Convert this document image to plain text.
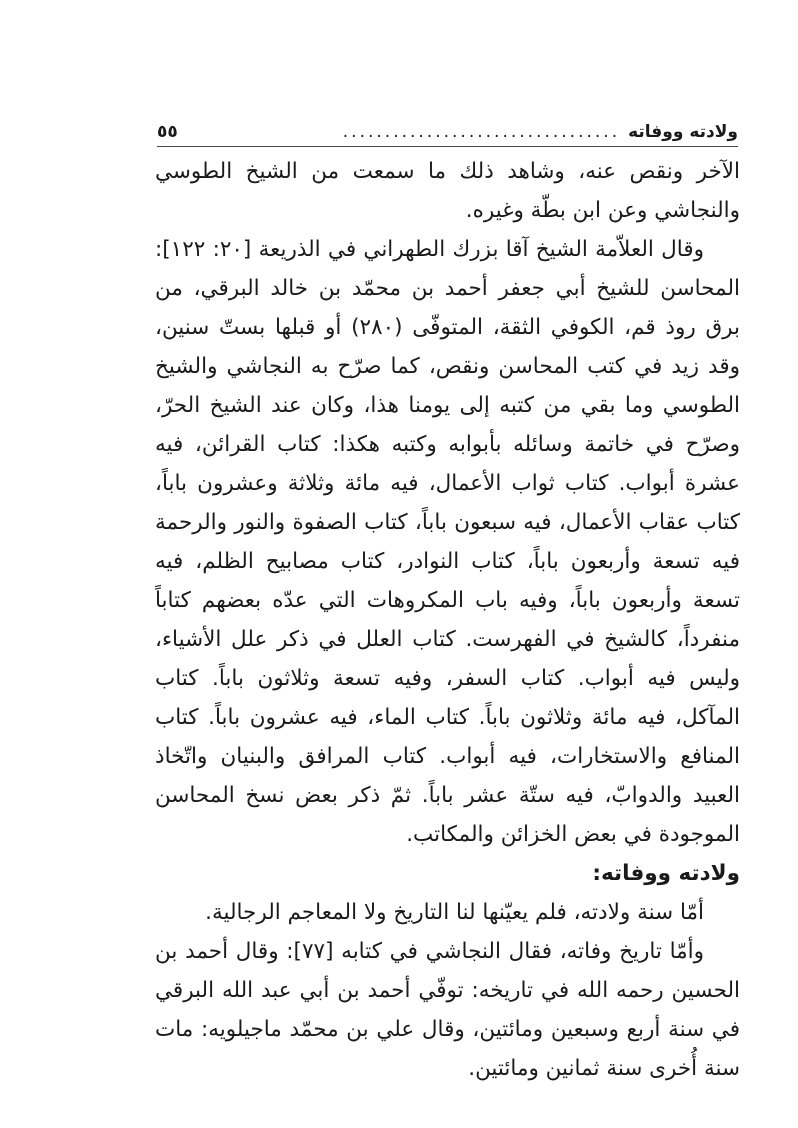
ولادته ووفاته
.................................
٥٥

الآخر ونقص عنه، وشاهد ذلك ما سمعت من الشيخ الطوسي والنجاشي وعن ابن بطّة وغيره.

وقال العلاّمة الشيخ آقا بزرك الطهراني في الذريعة [٢٠: ١٢٢]: المحاسن للشيخ أبي جعفر أحمد بن محمّد بن خالد البرقي، من برق روذ قم، الكوفي الثقة، المتوفّى (٢٨٠) أو قبلها بستّ سنين، وقد زيد في كتب المحاسن ونقص، كما صرّح به النجاشي والشيخ الطوسي وما بقي من كتبه إلى يومنا هذا، وكان عند الشيخ الحرّ، وصرّح في خاتمة وسائله بأبوابه وكتبه هكذا: كتاب القرائن، فيه عشرة أبواب. كتاب ثواب الأعمال، فيه مائة وثلاثة وعشرون باباً، كتاب عقاب الأعمال، فيه سبعون باباً، كتاب الصفوة والنور والرحمة فيه تسعة وأربعون باباً، كتاب النوادر، كتاب مصابيح الظلم، فيه تسعة وأربعون باباً، وفيه باب المكروهات التي عدّه بعضهم كتاباً منفرداً، كالشيخ في الفهرست. كتاب العلل في ذكر علل الأشياء، وليس فيه أبواب. كتاب السفر، وفيه تسعة وثلاثون باباً. كتاب المآكل، فيه مائة وثلاثون باباً. كتاب الماء، فيه عشرون باباً. كتاب المنافع والاستخارات، فيه أبواب. كتاب المرافق والبنيان واتّخاذ العبيد والدوابّ، فيه ستّة عشر باباً. ثمّ ذكر بعض نسخ المحاسن الموجودة في بعض الخزائن والمكاتب.

ولادته ووفاته:

أمّا سنة ولادته، فلم يعيّنها لنا التاريخ ولا المعاجم الرجالية.

وأمّا تاريخ وفاته، فقال النجاشي في كتابه [٧٧]: وقال أحمد بن الحسين رحمه الله في تاريخه: توفّي أحمد بن أبي عبد الله البرقي في سنة أربع وسبعين ومائتين، وقال علي بن محمّد ماجيلويه: مات سنة أُخرى سنة ثمانين ومائتين.
